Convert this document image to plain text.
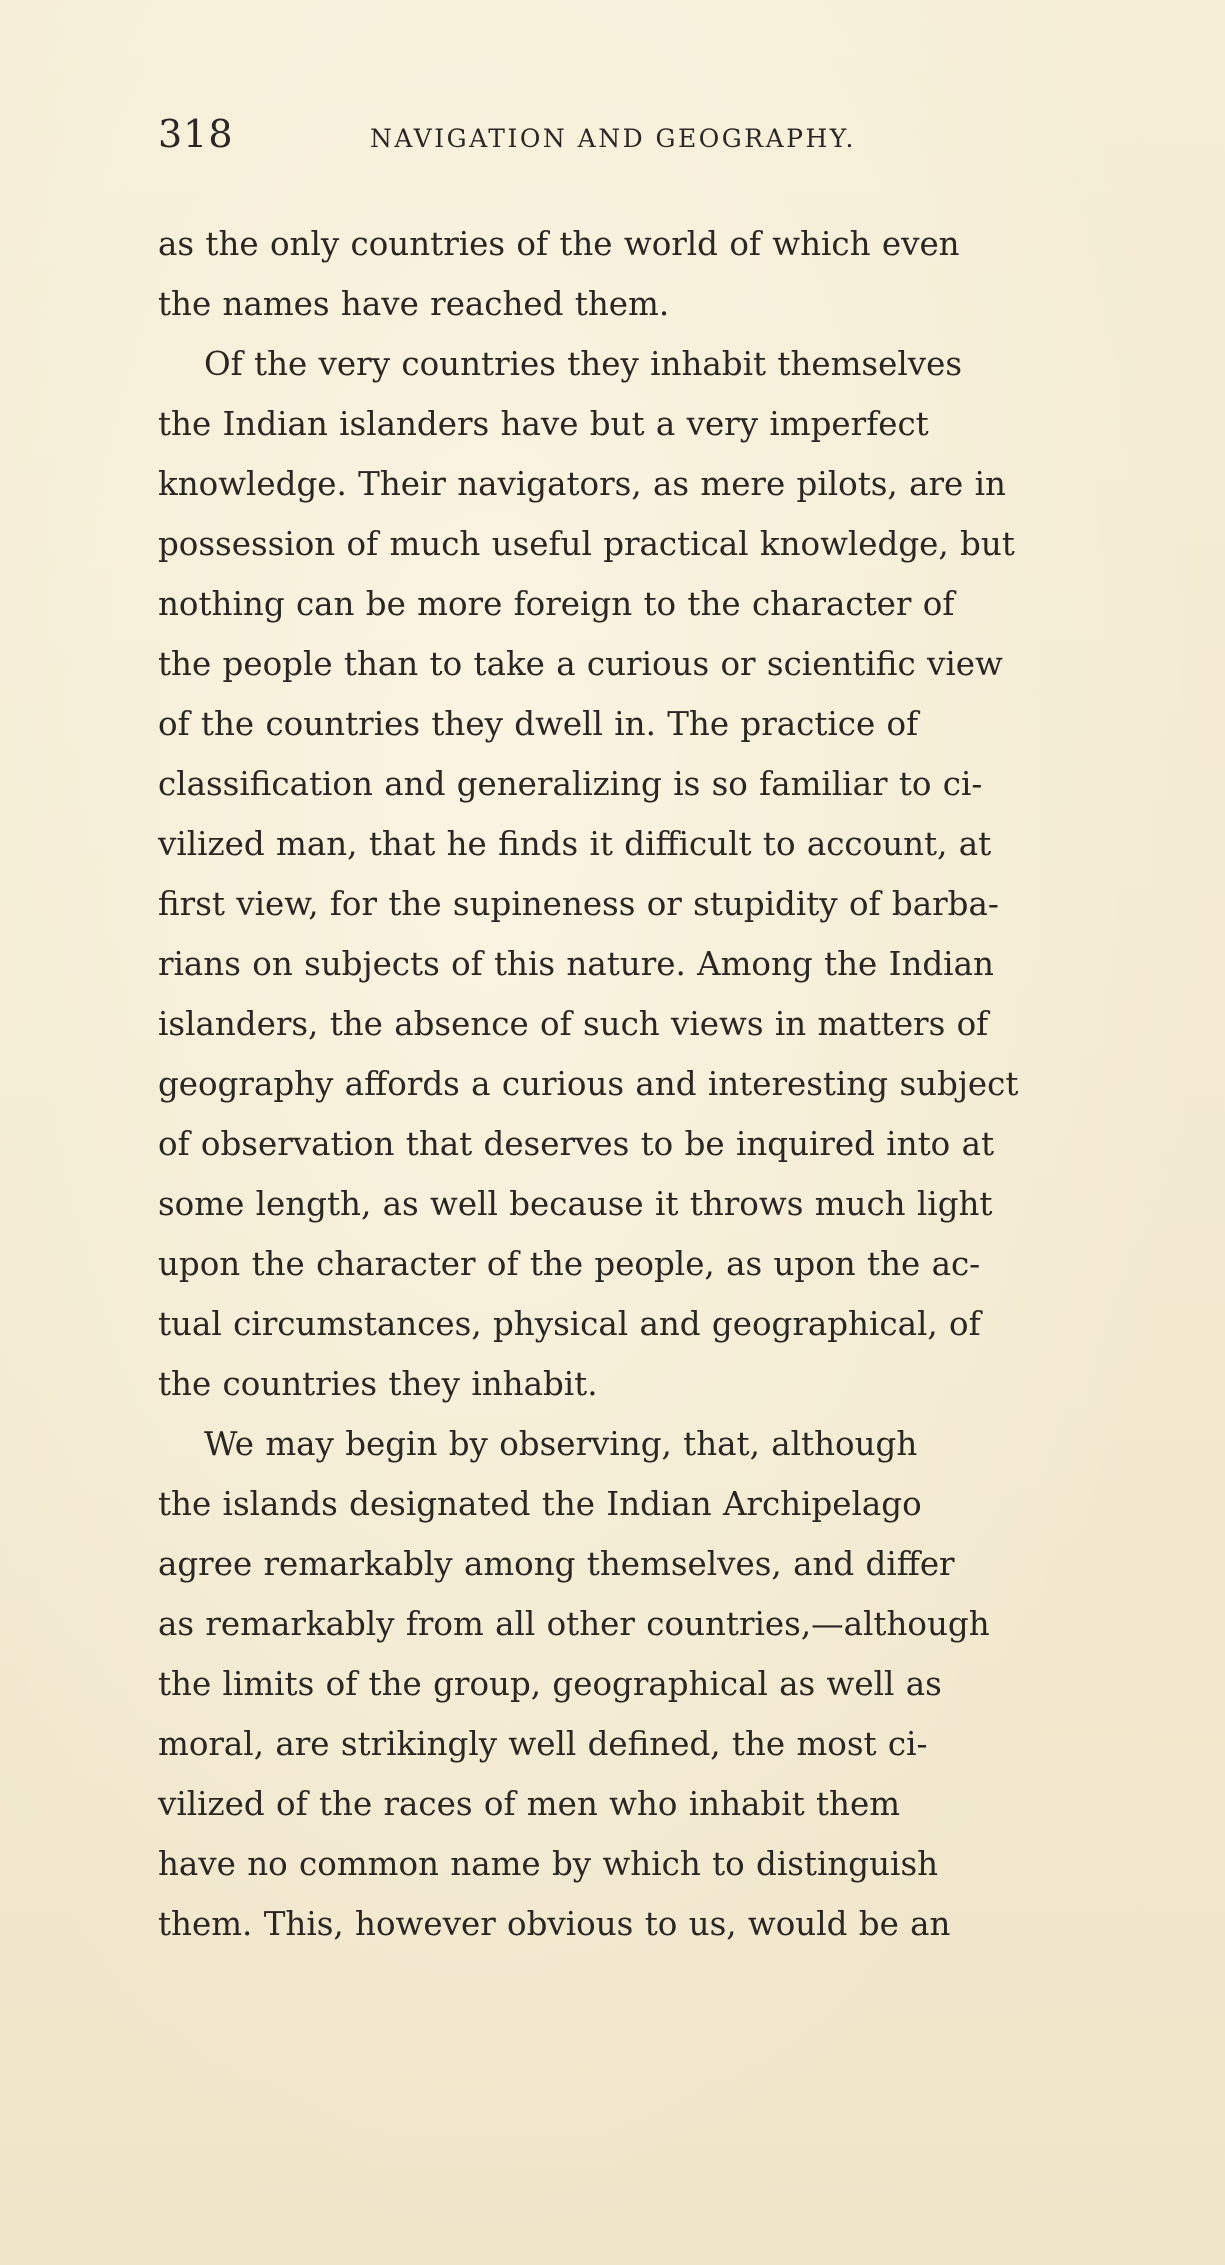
318	NAVIGATION AND GEOGRAPHY.
as the only countries of the world of which even
the names have reached them.
Of the very countries they inhabit themselves
the Indian islanders have but a very imperfect
knowledge. Their navigators, as mere pilots, are in
possession of much useful practical knowledge, but
nothing can be more foreign to the character of
the people than to take a curious or scientific view
of the countries they dwell in. The practice of
classification and generalizing is so familiar to ci-
vilized man, that he finds it difficult to account, at
first view, for the supineness or stupidity of barba-
rians on subjects of this nature. Among the Indian
islanders, the absence of such views in matters of
geography affords a curious and interesting subject
of observation that deserves to be inquired into at
some length, as well because it throws much light
upon the character of the people, as upon the ac-
tual circumstances, physical and geographical, of
the countries they inhabit.
We may begin by observing, that, although
the islands designated the Indian Archipelago
agree remarkably among themselves, and differ
as remarkably from all other countries,—although
the limits of the group, geographical as well as
moral, are strikingly well defined, the most ci-
vilized of the races of men who inhabit them
have no common name by which to distinguish
them. This, however obvious to us, would be an
